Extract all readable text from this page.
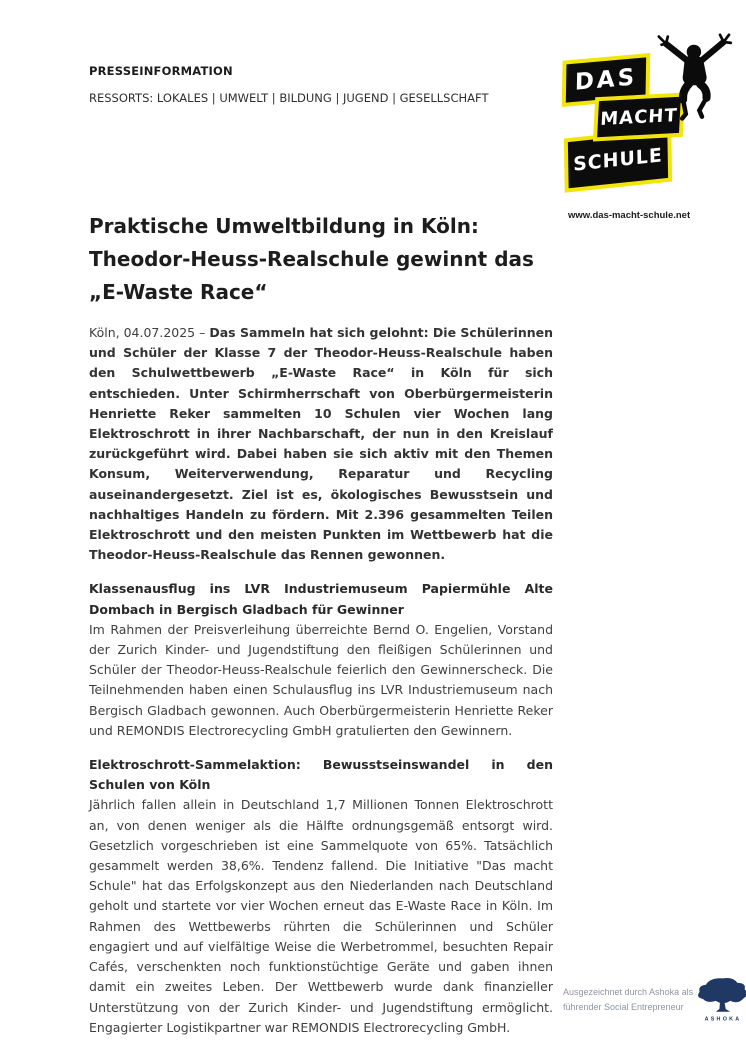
PRESSEINFORMATION
RESSORTS: LOKALES | UMWELT | BILDUNG | JUGEND | GESELLSCHAFT
DAS
MACHT
SCHULE
www.das-macht-schule.net
Praktische Umweltbildung in Köln:
Theodor-Heuss-Realschule gewinnt das „E-Waste Race“

Köln, 04.07.2025 – Das Sammeln hat sich gelohnt: Die Schülerinnen und Schüler der Klasse 7 der Theodor-Heuss-Realschule haben den Schulwettbewerb „E-Waste Race“ in Köln für sich entschieden. Unter Schirmherrschaft von Oberbürgermeisterin Henriette Reker sammelten 10 Schulen vier Wochen lang Elektroschrott in ihrer Nachbarschaft, der nun in den Kreislauf zurückgeführt wird. Dabei haben sie sich aktiv mit den Themen Konsum, Weiterverwendung, Reparatur und Recycling auseinandergesetzt. Ziel ist es, ökologisches Bewusstsein und nachhaltiges Handeln zu fördern. Mit 2.396 gesammelten Teilen Elektroschrott und den meisten Punkten im Wettbewerb hat die Theodor-Heuss-Realschule das Rennen gewonnen.

Klassenausflug ins LVR Industriemuseum Papiermühle Alte Dombach in Bergisch Gladbach für Gewinner
Im Rahmen der Preisverleihung überreichte Bernd O. Engelien, Vorstand der Zurich Kinder- und Jugendstiftung den fleißigen Schülerinnen und Schüler der Theodor-Heuss-Realschule feierlich den Gewinnerscheck. Die Teilnehmenden haben einen Schulausflug ins LVR Industriemuseum nach Bergisch Gladbach gewonnen. Auch Oberbürgermeisterin Henriette Reker und REMONDIS Electrorecycling GmbH gratulierten den Gewinnern.

Elektroschrott-Sammelaktion: Bewusstseinswandel in den Schulen von Köln
Jährlich fallen allein in Deutschland 1,7 Millionen Tonnen Elektroschrott an, von denen weniger als die Hälfte ordnungsgemäß entsorgt wird. Gesetzlich vorgeschrieben ist eine Sammelquote von 65%. Tatsächlich gesammelt werden 38,6%. Tendenz fallend. Die Initiative "Das macht Schule" hat das Erfolgskonzept aus den Niederlanden nach Deutschland geholt und startete vor vier Wochen erneut das E-Waste Race in Köln. Im Rahmen des Wettbewerbs rührten die Schülerinnen und Schüler engagiert und auf vielfältige Weise die Werbetrommel, besuchten Repair Cafés, verschenkten noch funktionstüchtige Geräte und gaben ihnen damit ein zweites Leben. Der Wettbewerb wurde dank finanzieller Unterstützung von der Zurich Kinder- und Jugendstiftung ermöglicht. Engagierter Logistikpartner war REMONDIS Electrorecycling GmbH.

Ausgezeichnet durch Ashoka als
führender Social Entrepreneur
ASHOKA
